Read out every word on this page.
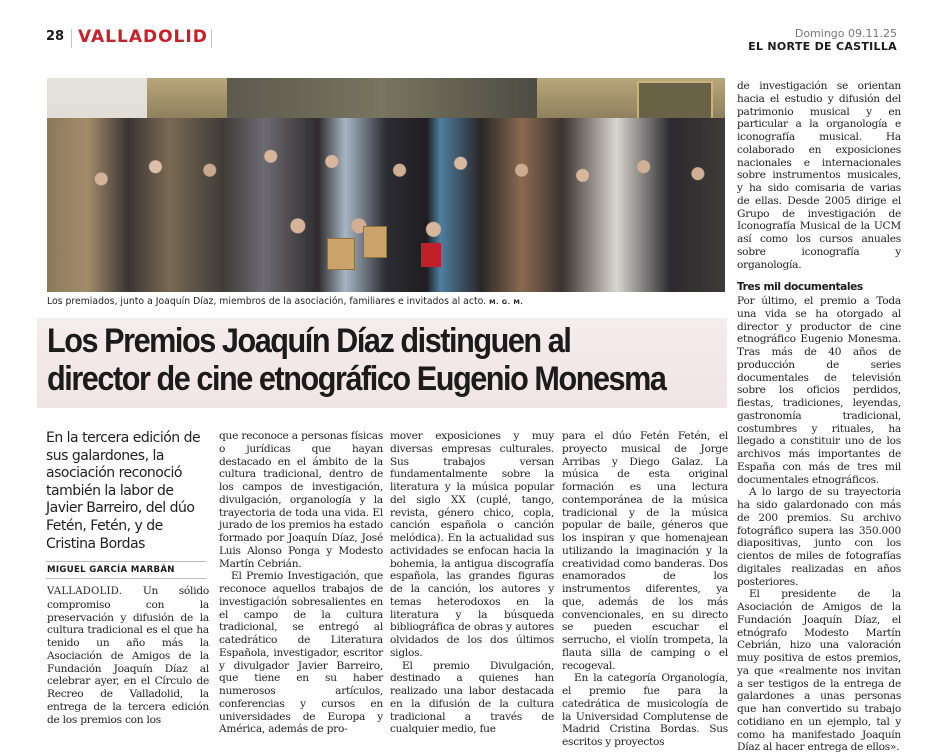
28 VALLADOLID	Domingo 09.11.25
EL NORTE DE CASTILLA
Los premiados, junto a Joaquín Díaz, miembros de la asociación, familiares e invitados al acto. M. G. M.
Los Premios Joaquín Díaz distinguen al director de cine etnográfico Eugenio Monesma
En la tercera edición de sus galardones, la asociación reconoció también la labor de Javier Barreiro, del dúo Fetén, Fetén, y de Cristina Bordas
MIGUEL GARCÍA MARBÁN

VALLADOLID. Un sólido compromiso con la preservación y difusión de la cultura tradicional es el que ha tenido un año más la Asociación de Amigos de la Fundación Joaquín Díaz al celebrar ayer, en el Círculo de Recreo de Valladolid, la entrega de la tercera edición de los premios con los

que reconoce a personas físicas o jurídicas que hayan destacado en el ámbito de la cultura tradicional, dentro de los campos de investigación, divulgación, organología y la trayectoria de toda una vida. El jurado de los premios ha estado formado por Joaquín Díaz, José Luis Alonso Ponga y Modesto Martín Cebrián.

El Premio Investigación, que reconoce aquellos trabajos de investigación sobresalientes en el campo de la cultura tradicional, se entregó al catedrático de Literatura Española, investigador, escritor y divulgador Javier Barreiro, que tiene en su haber numerosos artículos, conferencias y cursos en universidades de Europa y América, además de pro-

mover exposiciones y muy diversas empresas culturales. Sus trabajos versan fundamentalmente sobre la literatura y la música popular del siglo XX (cuplé, tango, revista, género chico, copla, canción española o canción melódica). En la actualidad sus actividades se enfocan hacia la bohemia, la antigua discografía española, las grandes figuras de la canción, los autores y temas heterodoxos en la literatura y la búsqueda bibliográfica de obras y autores olvidados de los dos últimos siglos.

El premio Divulgación, destinado a quienes han realizado una labor destacada en la difusión de la cultura tradicional a través de cualquier medio, fue

para el dúo Fetén Fetén, el proyecto musical de Jorge Arribas y Diego Galaz. La música de esta original formación es una lectura contemporánea de la música tradicional y de la música popular de baile, géneros que los inspiran y que homenajean utilizando la imaginación y la creatividad como banderas. Dos enamorados de los instrumentos diferentes, ya que, además de los más convencionales, en su directo se pueden escuchar el serrucho, el violín trompeta, la flauta silla de camping o el recogeval.

En la categoría Organología, el premio fue para la catedrática de musicología de la Universidad Complutense de Madrid Cristina Bordas. Sus escritos y proyectos

de investigación se orientan hacia el estudio y difusión del patrimonio musical y en particular a la organología e iconografía musical. Ha colaborado en exposiciones nacionales e internacionales sobre instrumentos musicales, y ha sido comisaria de varias de ellas. Desde 2005 dirige el Grupo de investigación de Iconografía Musical de la UCM así como los cursos anuales sobre iconografía y organología.

Tres mil documentales

Por último, el premio a Toda una vida se ha otorgado al director y productor de cine etnográfico Eugenio Monesma. Tras más de 40 años de producción de series documentales de televisión sobre los oficios perdidos, fiestas, tradiciones, leyendas, gastronomía tradicional, costumbres y rituales, ha llegado a constituir uno de los archivos más importantes de España con más de tres mil documentales etnográficos.

A lo largo de su trayectoria ha sido galardonado con más de 200 premios. Su archivo fotográfico supera las 350.000 diapositivas, junto con los cientos de miles de fotografías digitales realizadas en años posteriores.

El presidente de la Asociación de Amigos de la Fundación Joaquín Díaz, el etnógrafo Modesto Martín Cebrián, hizo una valoración muy positiva de estos premios, ya que «realmente nos invitan a ser testigos de la entrega de galardones a unas personas que han convertido su trabajo cotidiano en un ejemplo, tal y como ha manifestado Joaquín Díaz al hacer entrega de ellos».
